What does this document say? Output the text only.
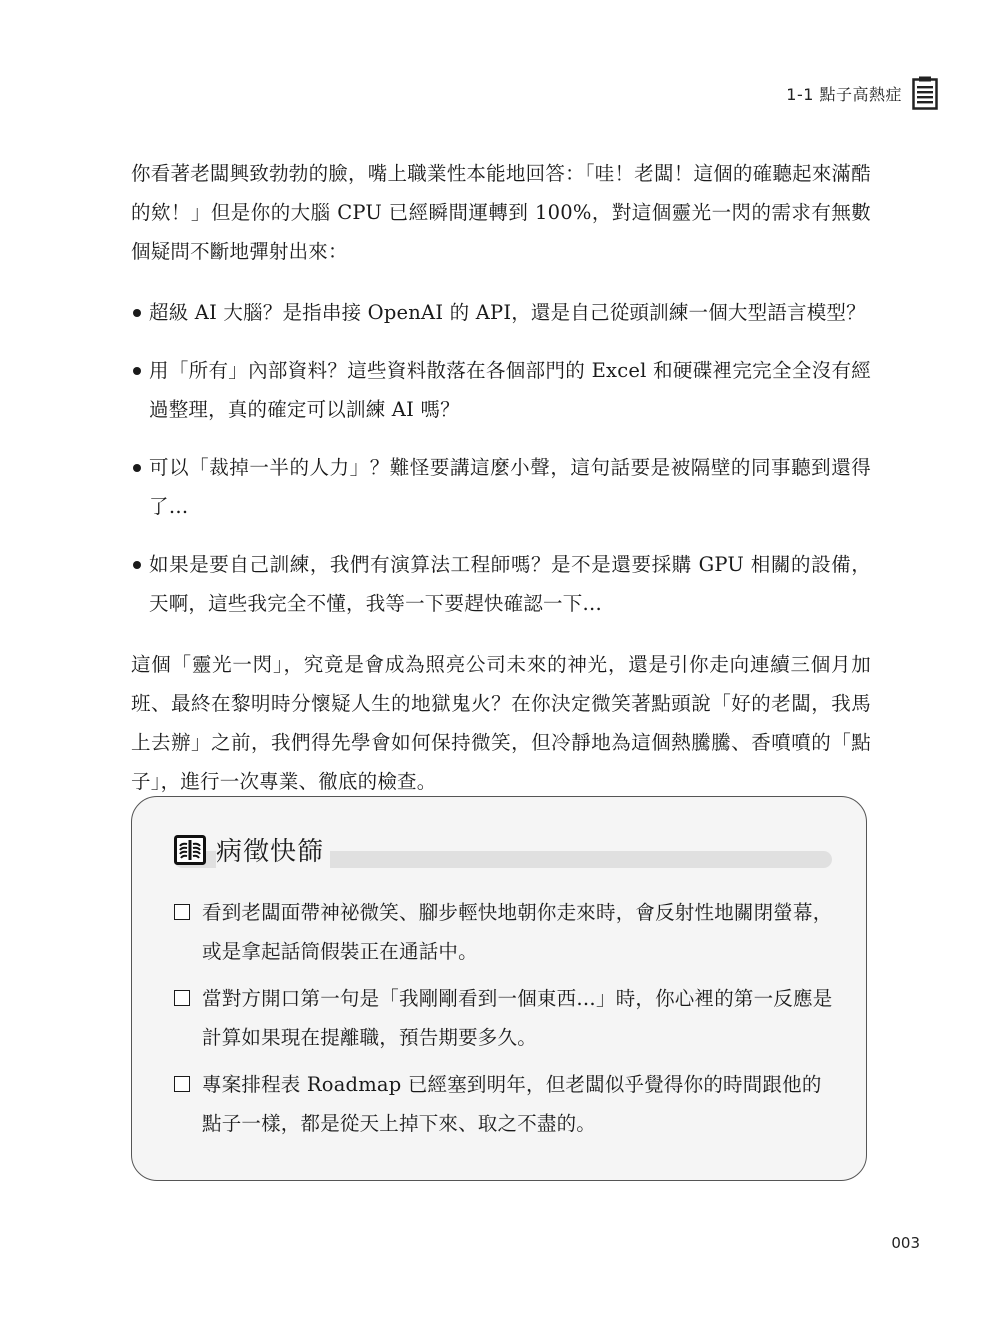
1-1 點子高熱症

你看著老闆興致勃勃的臉，嘴上職業性本能地回答：「哇！老闆！這個的確聽起來滿酷的欸！」但是你的大腦 CPU 已經瞬間運轉到 100%，對這個靈光一閃的需求有無數個疑問不斷地彈射出來：

超級 AI 大腦？是指串接 OpenAI 的 API，還是自己從頭訓練一個大型語言模型？
用「所有」內部資料？這些資料散落在各個部門的 Excel 和硬碟裡完完全全沒有經過整理，真的確定可以訓練 AI 嗎？
可以「裁掉一半的人力」？難怪要講這麼小聲，這句話要是被隔壁的同事聽到還得了…
如果是要自己訓練，我們有演算法工程師嗎？是不是還要採購 GPU 相關的設備，天啊，這些我完全不懂，我等一下要趕快確認一下…

這個「靈光一閃」，究竟是會成為照亮公司未來的神光，還是引你走向連續三個月加班、最終在黎明時分懷疑人生的地獄鬼火？在你決定微笑著點頭說「好的老闆，我馬上去辦」之前，我們得先學會如何保持微笑，但冷靜地為這個熱騰騰、香噴噴的「點子」，進行一次專業、徹底的檢查。

病徵快篩
看到老闆面帶神祕微笑、腳步輕快地朝你走來時，會反射性地關閉螢幕，或是拿起話筒假裝正在通話中。
當對方開口第一句是「我剛剛看到一個東西…」時，你心裡的第一反應是計算如果現在提離職，預告期要多久。
專案排程表 Roadmap 已經塞到明年，但老闆似乎覺得你的時間跟他的點子一樣，都是從天上掉下來、取之不盡的。
003
